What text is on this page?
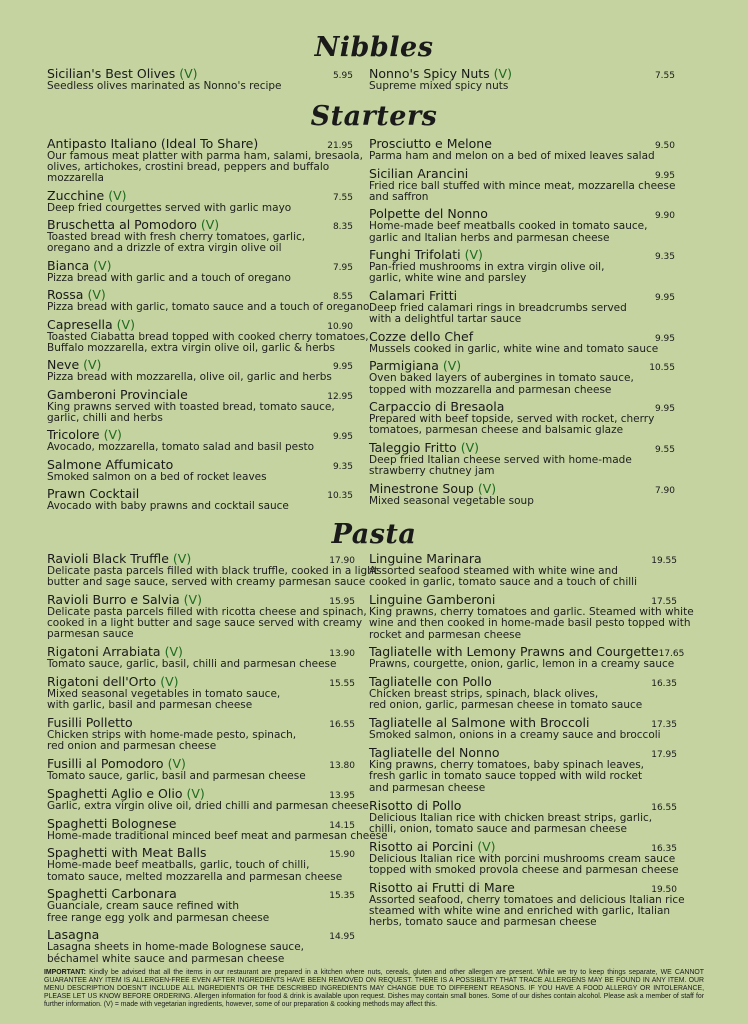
Nibbles
Sicilian's Best Olives (V)	5.95
Seedless olives marinated as Nonno's recipe
Nonno's Spicy Nuts (V)	7.55
Supreme mixed spicy nuts
Starters
Antipasto Italiano (Ideal To Share)	21.95
Our famous meat platter with parma ham, salami, bresaola,
olives, artichokes, crostini bread, peppers and buffalo
mozzarella
Zucchine (V)	7.55
Deep fried courgettes served with garlic mayo
Bruschetta al Pomodoro (V)	8.35
Toasted bread with fresh cherry tomatoes, garlic,
oregano and a drizzle of extra virgin olive oil
Bianca (V)	7.95
Pizza bread with garlic and a touch of oregano
Rossa (V)	8.55
Pizza bread with garlic, tomato sauce and a touch of oregano
Capresella (V)	10.90
Toasted Ciabatta bread topped with cooked cherry tomatoes,
Buffalo mozzarella, extra virgin olive oil, garlic & herbs
Neve (V)	9.95
Pizza bread with mozzarella, olive oil, garlic and herbs
Gamberoni Provinciale	12.95
King prawns served with toasted bread, tomato sauce,
garlic, chilli and herbs
Tricolore (V)	9.95
Avocado, mozzarella, tomato salad and basil pesto
Salmone Affumicato	9.35
Smoked salmon on a bed of rocket leaves
Prawn Cocktail	10.35
Avocado with baby prawns and cocktail sauce
Prosciutto e Melone	9.50
Parma ham and melon on a bed of mixed leaves salad
Sicilian Arancini	9.95
Fried rice ball stuffed with mince meat, mozzarella cheese
and saffron
Polpette del Nonno	9.90
Home-made beef meatballs cooked in tomato sauce,
garlic and Italian herbs and parmesan cheese
Funghi Trifolati (V)	9.35
Pan-fried mushrooms in extra virgin olive oil,
garlic, white wine and parsley
Calamari Fritti	9.95
Deep fried calamari rings in breadcrumbs served
with a delightful tartar sauce
Cozze dello Chef	9.95
Mussels cooked in garlic, white wine and tomato sauce
Parmigiana (V)	10.55
Oven baked layers of aubergines in tomato sauce,
topped with mozzarella and parmesan cheese
Carpaccio di Bresaola	9.95
Prepared with beef topside, served with rocket, cherry
tomatoes, parmesan cheese and balsamic glaze
Taleggio Fritto (V)	9.55
Deep fried Italian cheese served with home-made
strawberry chutney jam
Minestrone Soup (V)	7.90
Mixed seasonal vegetable soup
Pasta
Ravioli Black Truffle (V)	17.90
Delicate pasta parcels filled with black truffle, cooked in a light
butter and sage sauce, served with creamy parmesan sauce
Ravioli Burro e Salvia (V)	15.95
Delicate pasta parcels filled with ricotta cheese and spinach,
cooked in a light butter and sage sauce served with creamy
parmesan sauce
Rigatoni Arrabiata (V)	13.90
Tomato sauce, garlic, basil, chilli and parmesan cheese
Rigatoni dell'Orto (V)	15.55
Mixed seasonal vegetables in tomato sauce,
with garlic, basil and parmesan cheese
Fusilli Polletto	16.55
Chicken strips with home-made pesto, spinach,
red onion and parmesan cheese
Fusilli al Pomodoro (V)	13.80
Tomato sauce, garlic, basil and parmesan cheese
Spaghetti Aglio e Olio (V)	13.95
Garlic, extra virgin olive oil, dried chilli and parmesan cheese
Spaghetti Bolognese	14.15
Home-made traditional minced beef meat and parmesan cheese
Spaghetti with Meat Balls	15.90
Home-made beef meatballs, garlic, touch of chilli,
tomato sauce, melted mozzarella and parmesan cheese
Spaghetti Carbonara	15.35
Guanciale, cream sauce refined with
free range egg yolk and parmesan cheese
Lasagna	14.95
Lasagna sheets in home-made Bolognese sauce,
béchamel white sauce and parmesan cheese
Linguine Marinara	19.55
Assorted seafood steamed with white wine and
cooked in garlic, tomato sauce and a touch of chilli
Linguine Gamberoni	17.55
King prawns, cherry tomatoes and garlic. Steamed with white
wine and then cooked in home-made basil pesto topped with
rocket and parmesan cheese
Tagliatelle with Lemony Prawns and Courgette 17.65
Prawns, courgette, onion, garlic, lemon in a creamy sauce
Tagliatelle con Pollo	16.35
Chicken breast strips, spinach, black olives,
red onion, garlic, parmesan cheese in tomato sauce
Tagliatelle al Salmone with Broccoli	17.35
Smoked salmon, onions in a creamy sauce and broccoli
Tagliatelle del Nonno	17.95
King prawns, cherry tomatoes, baby spinach leaves,
fresh garlic in tomato sauce topped with wild rocket
and parmesan cheese
Risotto di Pollo	16.55
Delicious Italian rice with chicken breast strips, garlic,
chilli, onion, tomato sauce and parmesan cheese
Risotto ai Porcini (V)	16.35
Delicious Italian rice with porcini mushrooms cream sauce
topped with smoked provola cheese and parmesan cheese
Risotto ai Frutti di Mare	19.50
Assorted seafood, cherry tomatoes and delicious Italian rice
steamed with white wine and enriched with garlic, Italian
herbs, tomato sauce and parmesan cheese
IMPORTANT: Kindly be advised that all the items in our restaurant are prepared in a kitchen where nuts, cereals, gluten and other allergen are present. While we try to keep things separate, WE CANNOT GUARANTEE ANY ITEM IS ALLERGEN-FREE EVEN AFTER INGREDIENTS HAVE BEEN REMOVED ON REQUEST. THERE IS A POSSIBILITY THAT TRACE ALLERGENS MAY BE FOUND IN ANY ITEM. OUR MENU DESCRIPTION DOESN'T INCLUDE ALL INGREDIENTS OR THE DESCRIBED INGREDIENTS MAY CHANGE DUE TO DIFFERENT REASONS. IF YOU HAVE A FOOD ALLERGY OR INTOLERANCE, PLEASE LET US KNOW BEFORE ORDERING. Allergen information for food & drink is available upon request. Dishes may contain small bones. Some of our dishes contain alcohol. Please ask a member of staff for further information. (V) = made with vegetarian ingredients, however, some of our preparation & cooking methods may affect this.
